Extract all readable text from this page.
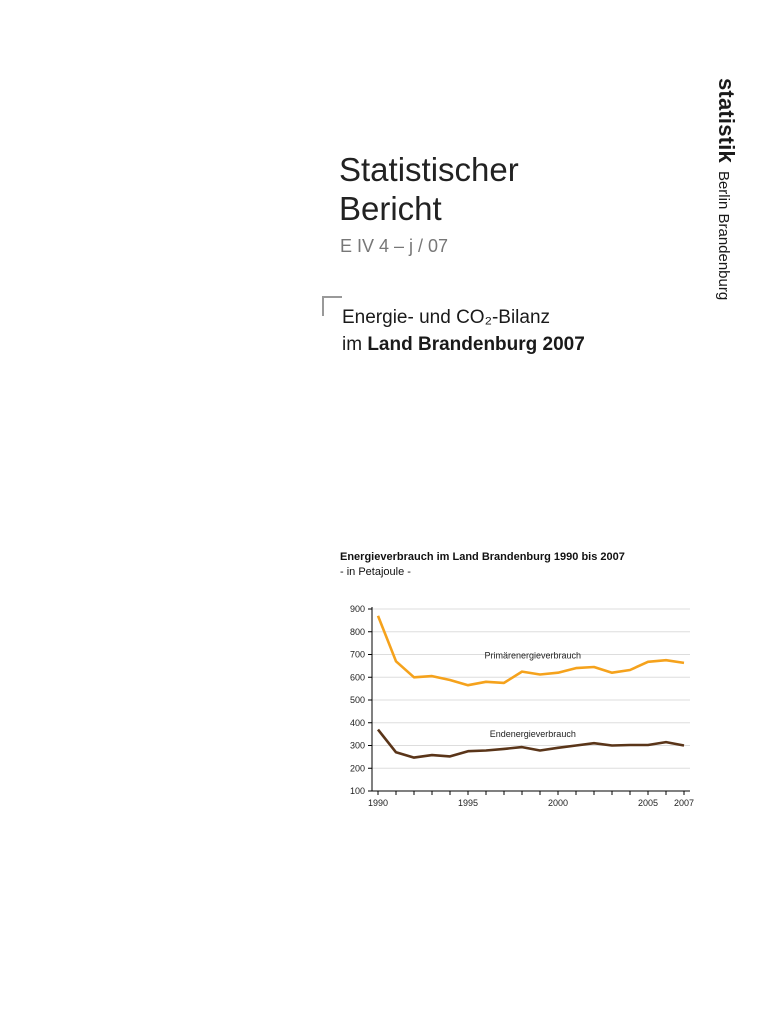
statistikBerlin Brandenburg
Statistischer
Bericht
E IV 4 – j / 07
Energie- und CO₂-Bilanz
im Land Brandenburg 2007
Energieverbrauch im Land Brandenburg 1990 bis 2007
- in Petajoule -
100
200
300
400
500
600
700
800
900
1990	1995	2000	2005 2007
Primärenergieverbrauch
Endenergieverbrauch
